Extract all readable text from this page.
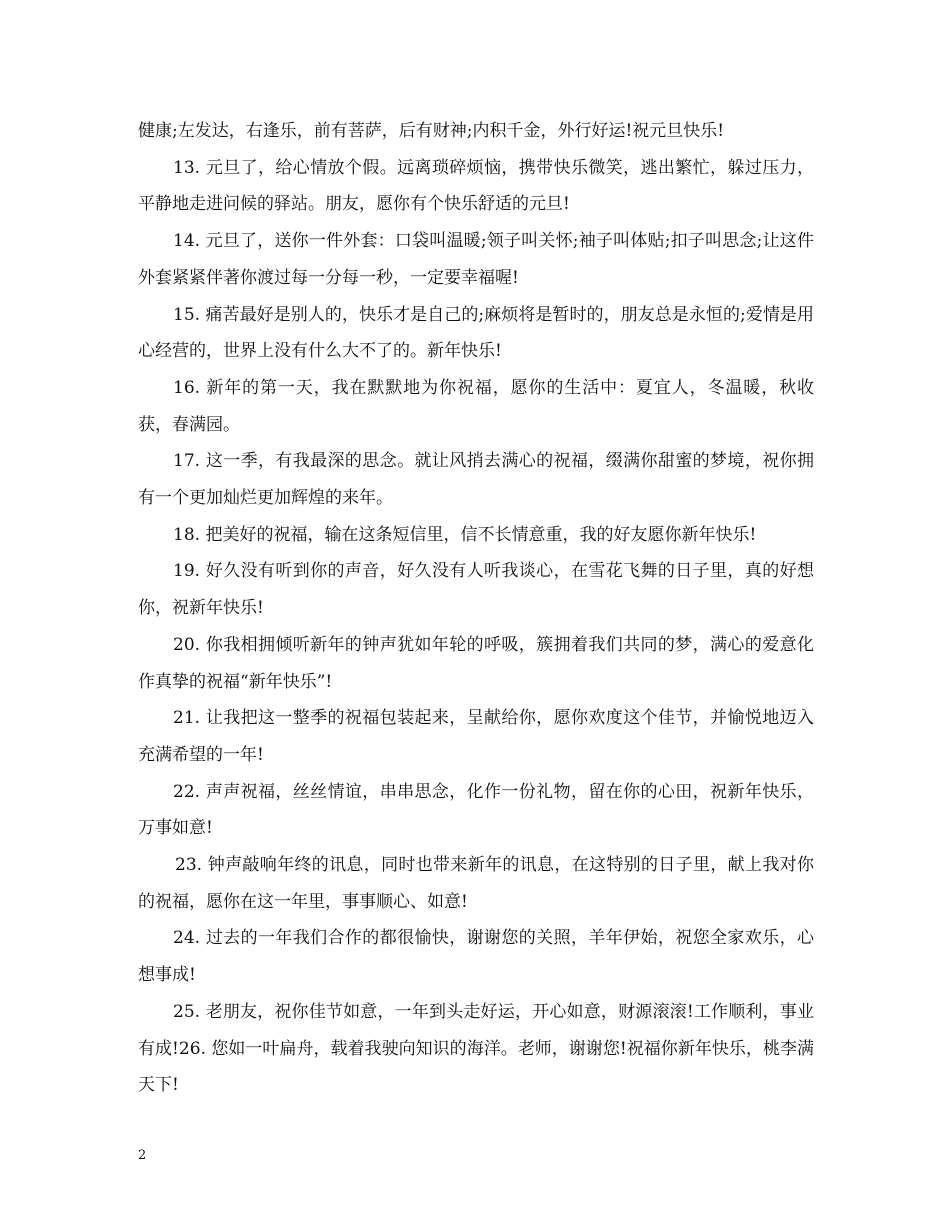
健康;左发达，右逢乐，前有菩萨，后有财神;内积千金，外行好运!祝元旦快乐!

13. 元旦了，给心情放个假。远离琐碎烦恼，携带快乐微笑，逃出繁忙，躲过压力，平静地走进问候的驿站。朋友，愿你有个快乐舒适的元旦!

14. 元旦了，送你一件外套：口袋叫温暖;领子叫关怀;袖子叫体贴;扣子叫思念;让这件外套紧紧伴著你渡过每一分每一秒，一定要幸福喔!

15. 痛苦最好是别人的，快乐才是自己的;麻烦将是暂时的，朋友总是永恒的;爱情是用心经营的，世界上没有什么大不了的。新年快乐!

16. 新年的第一天，我在默默地为你祝福，愿你的生活中：夏宜人，冬温暖，秋收获，春满园。

17. 这一季，有我最深的思念。就让风捎去满心的祝福，缀满你甜蜜的梦境，祝你拥有一个更加灿烂更加辉煌的来年。

18. 把美好的祝福，输在这条短信里，信不长情意重，我的好友愿你新年快乐!

19. 好久没有听到你的声音，好久没有人听我谈心，在雪花飞舞的日子里，真的好想你，祝新年快乐!

20. 你我相拥倾听新年的钟声犹如年轮的呼吸，簇拥着我们共同的梦，满心的爱意化作真挚的祝福“新年快乐”!

21. 让我把这一整季的祝福包装起来，呈献给你，愿你欢度这个佳节，并愉悦地迈入充满希望的一年!

22. 声声祝福，丝丝情谊，串串思念，化作一份礼物，留在你的心田，祝新年快乐，万事如意!

23. 钟声敲响年终的讯息，同时也带来新年的讯息，在这特别的日子里，献上我对你的祝福，愿你在这一年里，事事顺心、如意!

24. 过去的一年我们合作的都很愉快，谢谢您的关照，羊年伊始，祝您全家欢乐，心想事成!

25. 老朋友，祝你佳节如意，一年到头走好运，开心如意，财源滚滚!工作顺利，事业有成!26. 您如一叶扁舟，载着我驶向知识的海洋。老师，谢谢您!祝福你新年快乐，桃李满天下!

2
